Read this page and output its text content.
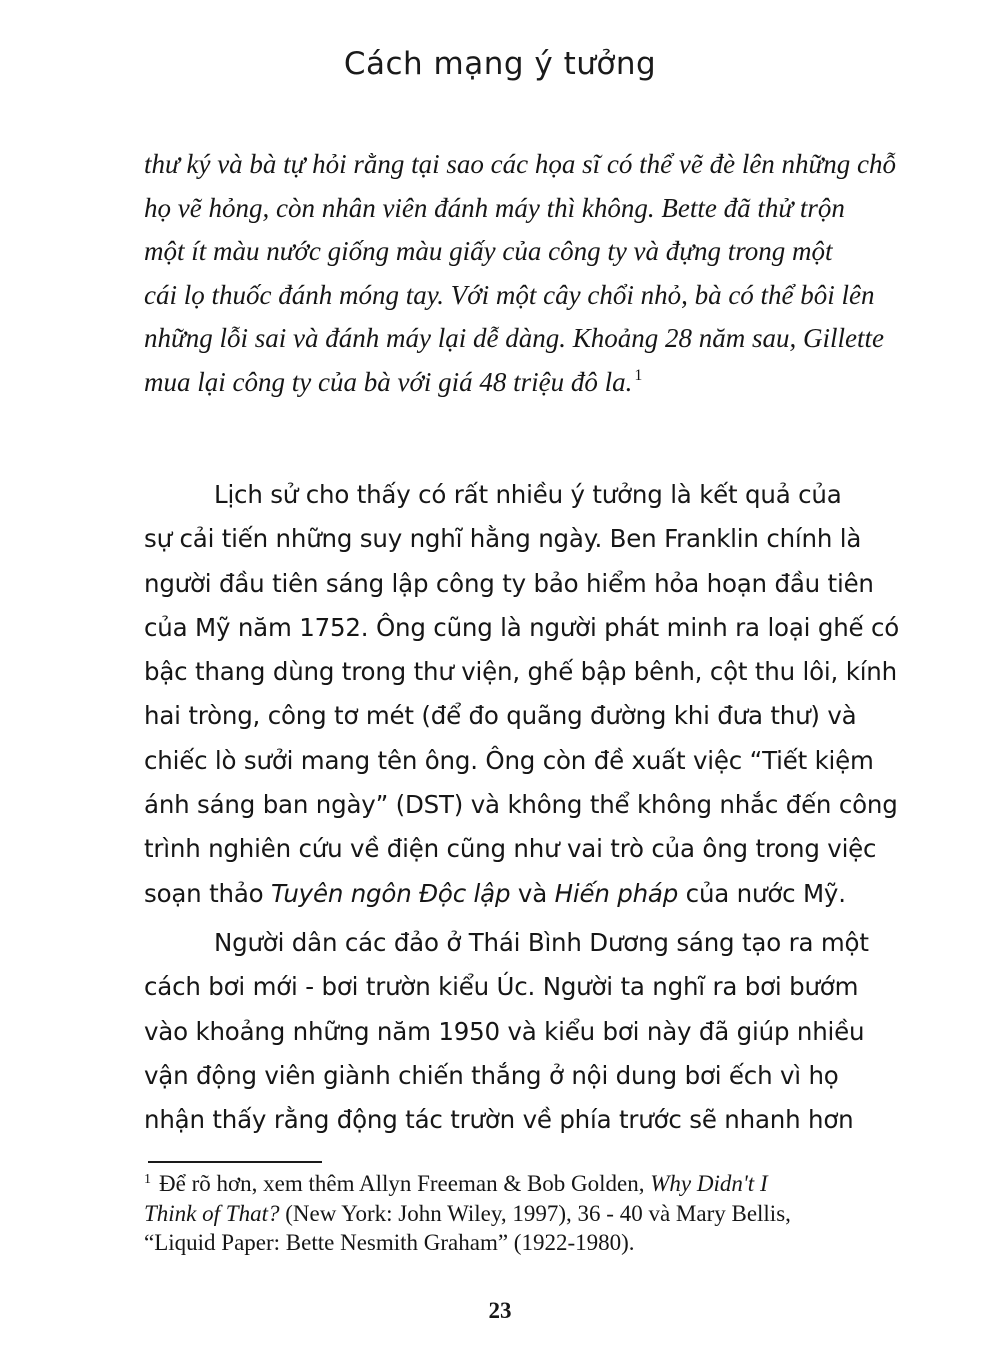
Cách mạng ý tưởng
thư ký và bà tự hỏi rằng tại sao các họa sĩ có thể vẽ đè lên những chỗ
họ vẽ hỏng, còn nhân viên đánh máy thì không. Bette đã thử trộn
một ít màu nước giống màu giấy của công ty và đựng trong một
cái lọ thuốc đánh móng tay. Với một cây chổi nhỏ, bà có thể bôi lên
những lỗi sai và đánh máy lại dễ dàng. Khoảng 28 năm sau, Gillette
mua lại công ty của bà với giá 48 triệu đô la. $^1$
Lịch sử cho thấy có rất nhiều ý tưởng là kết quả của
sự cải tiến những suy nghĩ hằng ngày. Ben Franklin chính là
người đầu tiên sáng lập công ty bảo hiểm hỏa hoạn đầu tiên
của Mỹ năm 1752. Ông cũng là người phát minh ra loại ghế có
bậc thang dùng trong thư viện, ghế bập bênh, cột thu lôi, kính
hai tròng, công tơ mét (để đo quãng đường khi đưa thư) và
chiếc lò sưởi mang tên ông. Ông còn đề xuất việc “Tiết kiệm
ánh sáng ban ngày” (DST) và không thể không nhắc đến công
trình nghiên cứu về điện cũng như vai trò của ông trong việc
soạn thảo Tuyên ngôn Độc lập và Hiến pháp của nước Mỹ.
Người dân các đảo ở Thái Bình Dương sáng tạo ra một
cách bơi mới - bơi trườn kiểu Úc. Người ta nghĩ ra bơi bướm
vào khoảng những năm 1950 và kiểu bơi này đã giúp nhiều
vận động viên giành chiến thắng ở nội dung bơi ếch vì họ
nhận thấy rằng động tác trườn về phía trước sẽ nhanh hơn
$^1$ Để rõ hơn, xem thêm Allyn Freeman & Bob Golden, Why Didn't I
Think of That? (New York: John Wiley, 1997), 36 - 40 và Mary Bellis,
“Liquid Paper: Bette Nesmith Graham” (1922-1980).
23
